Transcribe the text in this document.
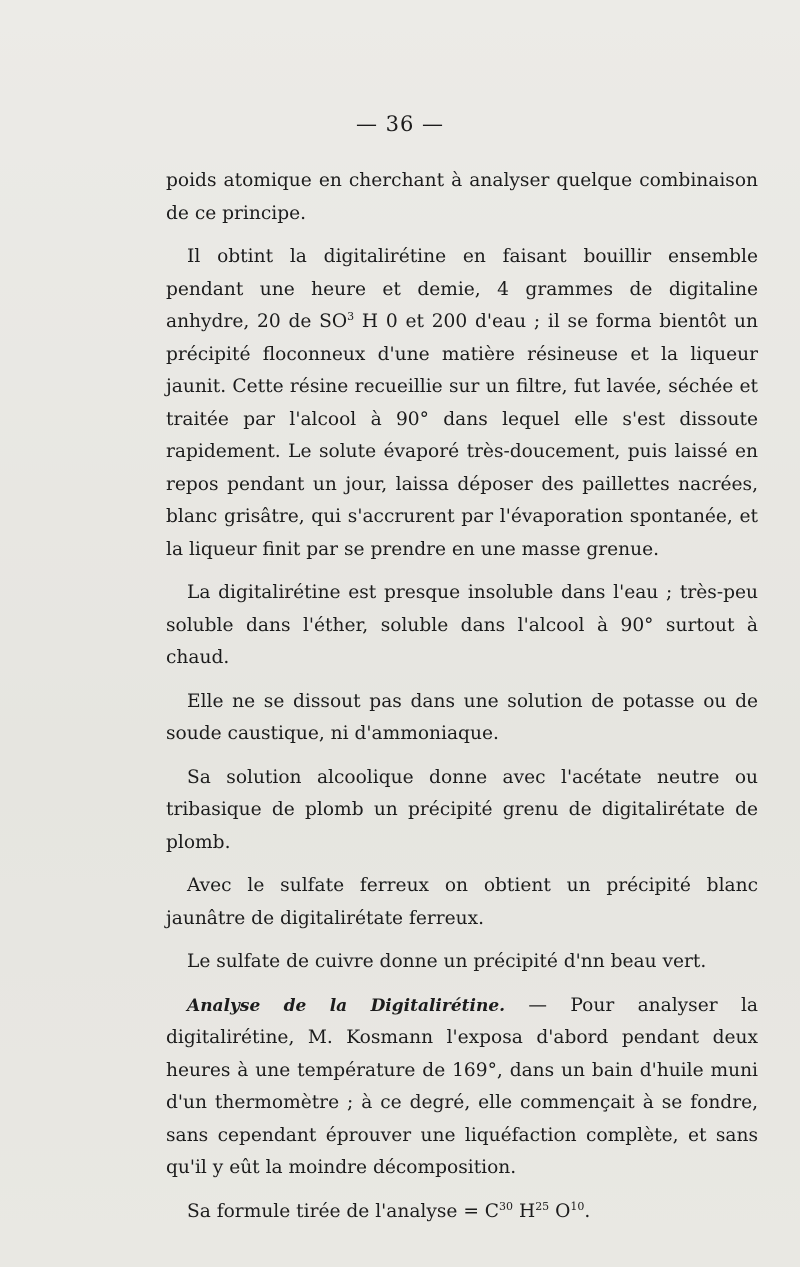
— 36 —

poids atomique en cherchant à analyser quelque combinaison de ce principe.

Il obtint la digitalirétine en faisant bouillir ensemble pendant une heure et demie, 4 grammes de digitaline anhydre, 20 de $SO^3$ H 0 et 200 d'eau ; il se forma bientôt un précipité floconneux d'une matière résineuse et la liqueur jaunit. Cette résine recueillie sur un filtre, fut lavée, séchée et traitée par l'alcool à 90° dans lequel elle s'est dissoute rapidement. Le solute évaporé très-doucement, puis laissé en repos pendant un jour, laissa déposer des paillettes nacrées, blanc grisâtre, qui s'accrurent par l'évaporation spontanée, et la liqueur finit par se prendre en une masse grenue.

La digitalirétine est presque insoluble dans l'eau ; très-peu soluble dans l'éther, soluble dans l'alcool à 90° surtout à chaud.

Elle ne se dissout pas dans une solution de potasse ou de soude caustique, ni d'ammoniaque.

Sa solution alcoolique donne avec l'acétate neutre ou tribasique de plomb un précipité grenu de digitalirétate de plomb.

Avec le sulfate ferreux on obtient un précipité blanc jaunâtre de digitalirétate ferreux.

Le sulfate de cuivre donne un précipité d'nn beau vert.

Analyse de la Digitalirétine. — Pour analyser la digitalirétine, M. Kosmann l'exposa d'abord pendant deux heures à une température de 169°, dans un bain d'huile muni d'un thermomètre ; à ce degré, elle commençait à se fondre, sans cependant éprouver une liquéfaction complète, et sans qu'il y eût la moindre décomposition.

Sa formule tirée de l'analyse = $C^{30}$ $H^{25}$ $O^{10}$.
